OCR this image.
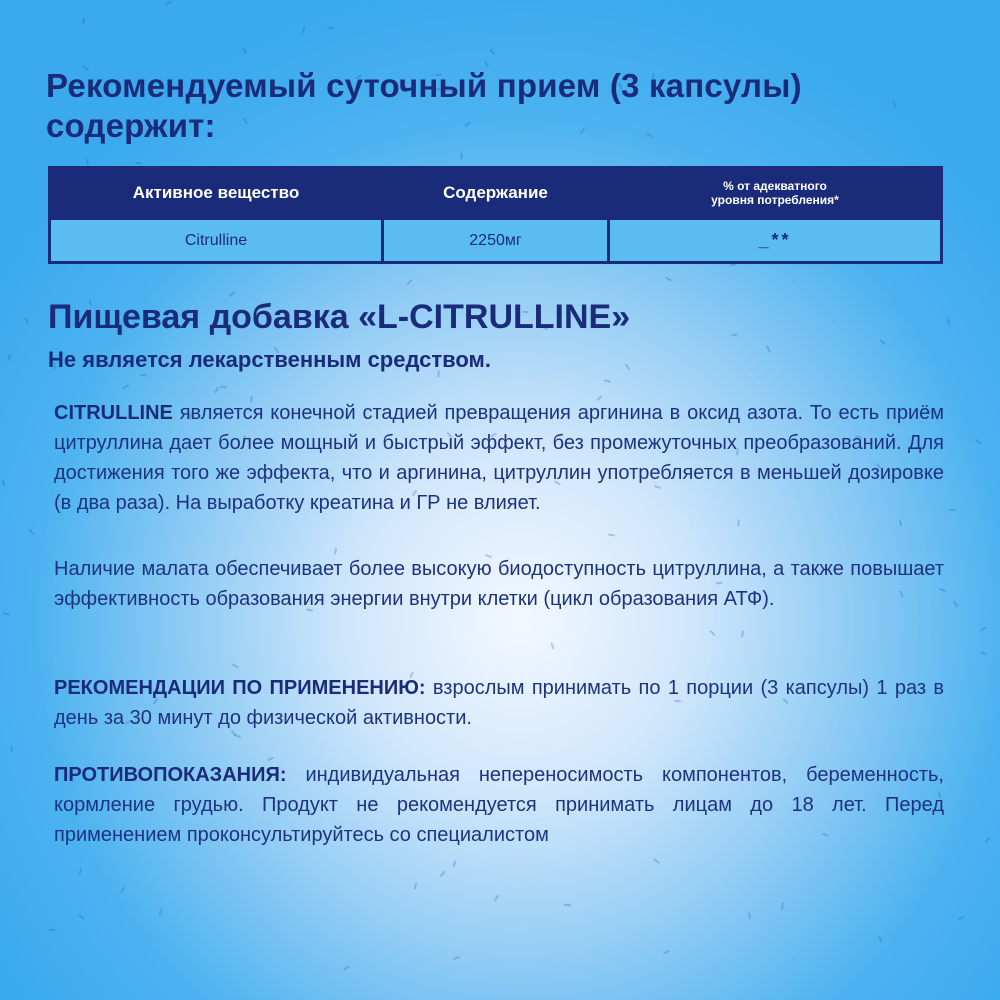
Рекомендуемый суточный прием (3 капсулы) содержит:
Активное вещество	Содержание	% от адекватного
уровня потребления*
Citrulline	2250мг	_**
Пищевая добавка «L-CITRULLINE»

Не является лекарственным средством.

CITRULLINE является конечной стадией превращения аргинина в оксид азота. То есть приём цитруллина дает более мощный и быстрый эффект, без промежуточных преобразований. Для достижения того же эффекта, что и аргинина, цитруллин употребляется в меньшей дозировке (в два раза). На выработку креатина и ГР не влияет.

Наличие малата обеспечивает более высокую биодоступность цитруллина, а также повышает эффективность образования энергии внутри клетки (цикл образования АТФ).

РЕКОМЕНДАЦИИ ПО ПРИМЕНЕНИЮ: взрослым принимать по 1 порции (3 капсулы) 1 раз в день за 30 минут до физической активности.

ПРОТИВОПОКАЗАНИЯ: индивидуальная непереносимость компонентов, беременность, кормление грудью. Продукт не рекомендуется принимать лицам до 18 лет. Перед применением проконсультируйтесь со специалистом
